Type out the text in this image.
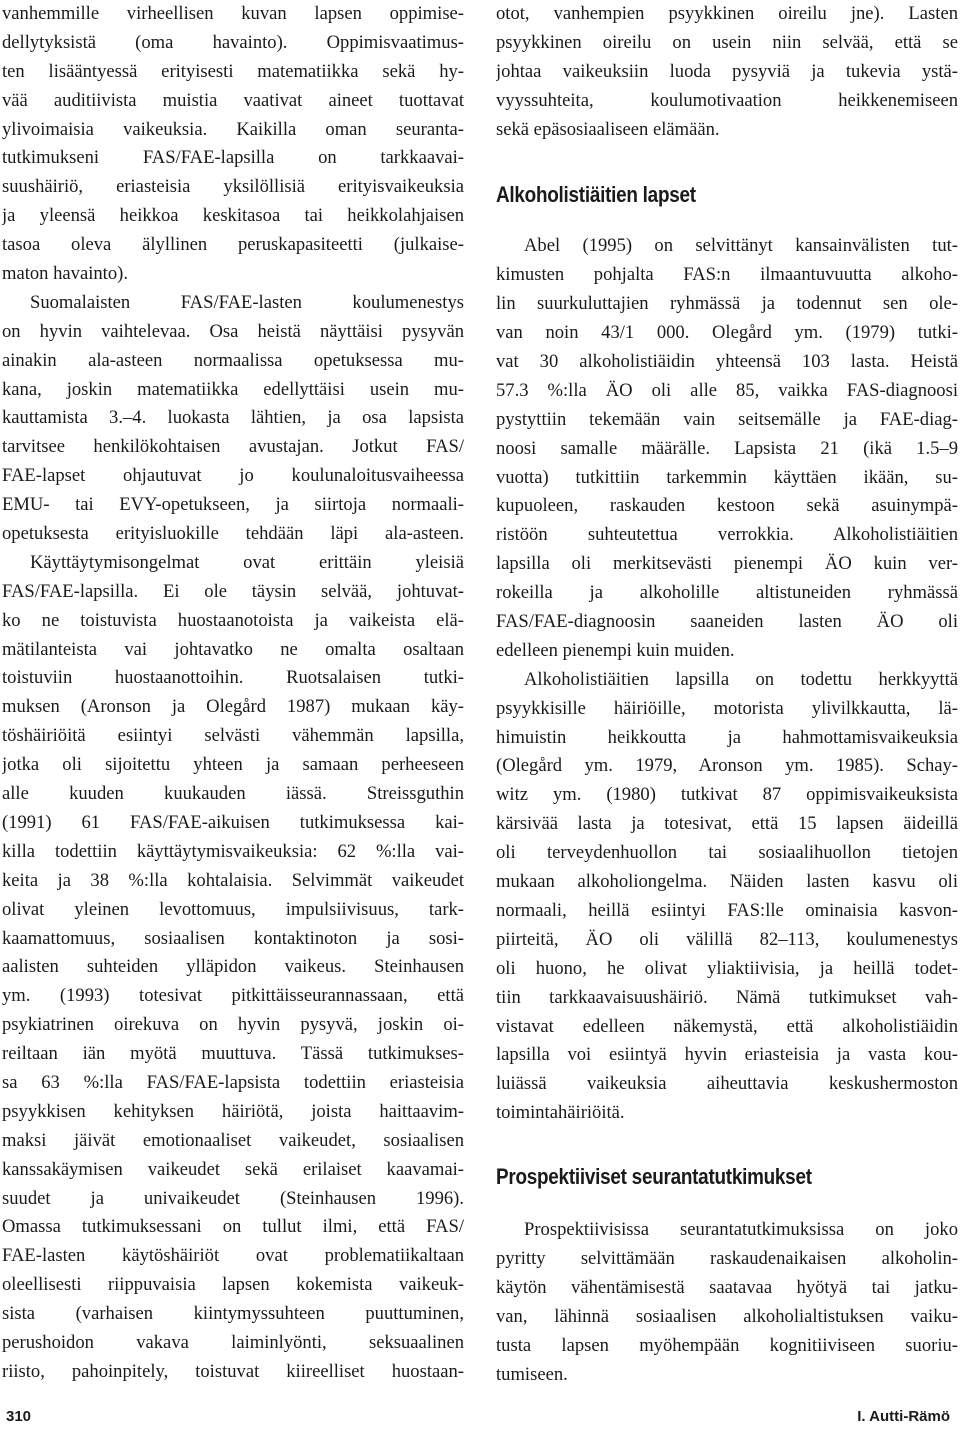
vanhemmille virheellisen kuvan lapsen oppimise-
dellytyksistä (oma havainto). Oppimisvaatimus-
ten lisääntyessä erityisesti matematiikka sekä hy-
vää auditiivista muistia vaativat aineet tuottavat
ylivoimaisia vaikeuksia. Kaikilla oman seuranta-
tutkimukseni FAS/FAE-lapsilla on tarkkaavai-
suushäiriö, eriasteisia yksilöllisiä erityisvaikeuksia
ja yleensä heikkoa keskitasoa tai heikkolahjaisen
tasoa oleva älyllinen peruskapasiteetti (julkaise-
maton havainto).
Suomalaisten FAS/FAE-lasten koulumenestys
on hyvin vaihtelevaa. Osa heistä näyttäisi pysyvän
ainakin ala-asteen normaalissa opetuksessa mu-
kana, joskin matematiikka edellyttäisi usein mu-
kauttamista 3.–4. luokasta lähtien, ja osa lapsista
tarvitsee henkilökohtaisen avustajan. Jotkut FAS/
FAE-lapset ohjautuvat jo koulunaloitusvaiheessa
EMU- tai EVY-opetukseen, ja siirtoja normaali-
opetuksesta erityisluokille tehdään läpi ala-asteen.
Käyttäytymisongelmat ovat erittäin yleisiä
FAS/FAE-lapsilla. Ei ole täysin selvää, johtuvat-
ko ne toistuvista huostaanotoista ja vaikeista elä-
mätilanteista vai johtavatko ne omalta osaltaan
toistuviin huostaanottoihin. Ruotsalaisen tutki-
muksen (Aronson ja Olegård 1987) mukaan käy-
töshäiriöitä esiintyi selvästi vähemmän lapsilla,
jotka oli sijoitettu yhteen ja samaan perheeseen
alle kuuden kuukauden iässä. Streissguthin
(1991) 61 FAS/FAE-aikuisen tutkimuksessa kai-
killa todettiin käyttäytymisvaikeuksia: 62 %:lla vai-
keita ja 38 %:lla kohtalaisia. Selvimmät vaikeudet
olivat yleinen levottomuus, impulsiivisuus, tark-
kaamattomuus, sosiaalisen kontaktinoton ja sosi-
aalisten suhteiden ylläpidon vaikeus. Steinhausen
ym. (1993) totesivat pitkittäisseurannassaan, että
psykiatrinen oirekuva on hyvin pysyvä, joskin oi-
reiltaan iän myötä muuttuva. Tässä tutkimukses-
sa 63 %:lla FAS/FAE-lapsista todettiin eriasteisia
psyykkisen kehityksen häiriötä, joista haittaavim-
maksi jäivät emotionaaliset vaikeudet, sosiaalisen
kanssakäymisen vaikeudet sekä erilaiset kaavamai-
suudet ja univaikeudet (Steinhausen 1996).
Omassa tutkimuksessani on tullut ilmi, että FAS/
FAE-lasten käytöshäiriöt ovat problematiikaltaan
oleellisesti riippuvaisia lapsen kokemista vaikeuk-
sista (varhaisen kiintymyssuhteen puuttuminen,
perushoidon vakava laiminlyönti, seksuaalinen
riisto, pahoinpitely, toistuvat kiireelliset huostaan-
otot, vanhempien psyykkinen oireilu jne). Lasten
psyykkinen oireilu on usein niin selvää, että se
johtaa vaikeuksiin luoda pysyviä ja tukevia ystä-
vyyssuhteita, koulumotivaation heikkenemiseen
sekä epäsosiaaliseen elämään.
Alkoholistiäitien lapset
Abel (1995) on selvittänyt kansainvälisten tut-
kimusten pohjalta FAS:n ilmaantuvuutta alkoho-
lin suurkuluttajien ryhmässä ja todennut sen ole-
van noin 43/1 000. Olegård ym. (1979) tutki-
vat 30 alkoholistiäidin yhteensä 103 lasta. Heistä
57.3 %:lla ÄO oli alle 85, vaikka FAS-diagnoosi
pystyttiin tekemään vain seitsemälle ja FAE-diag-
noosi samalle määrälle. Lapsista 21 (ikä 1.5–9
vuotta) tutkittiin tarkemmin käyttäen ikään, su-
kupuoleen, raskauden kestoon sekä asuinympä-
ristöön suhteutettua verrokkia. Alkoholistiäitien
lapsilla oli merkitsevästi pienempi ÄO kuin ver-
rokeilla ja alkoholille altistuneiden ryhmässä
FAS/FAE-diagnoosin saaneiden lasten ÄO oli
edelleen pienempi kuin muiden.
Alkoholistiäitien lapsilla on todettu herkkyyttä
psyykkisille häiriöille, motorista ylivilkkautta, lä-
himuistin heikkoutta ja hahmottamisvaikeuksia
(Olegård ym. 1979, Aronson ym. 1985). Schay-
witz ym. (1980) tutkivat 87 oppimisvaikeuksista
kärsivää lasta ja totesivat, että 15 lapsen äideillä
oli terveydenhuollon tai sosiaalihuollon tietojen
mukaan alkoholiongelma. Näiden lasten kasvu oli
normaali, heillä esiintyi FAS:lle ominaisia kasvon-
piirteitä, ÄO oli välillä 82–113, koulumenestys
oli huono, he olivat yliaktiivisia, ja heillä todet-
tiin tarkkaavaisuushäiriö. Nämä tutkimukset vah-
vistavat edelleen näkemystä, että alkoholistiäidin
lapsilla voi esiintyä hyvin eriasteisia ja vasta kou-
luiässä vaikeuksia aiheuttavia keskushermoston
toimintahäiriöitä.
Prospektiiviset seurantatutkimukset
Prospektiivisissa seurantatutkimuksissa on joko
pyritty selvittämään raskaudenaikaisen alkoholin-
käytön vähentämisestä saatavaa hyötyä tai jatku-
van, lähinnä sosiaalisen alkoholialtistuksen vaiku-
tusta lapsen myöhempään kognitiiviseen suoriu-
tumiseen.
310	I. Autti-Rämö
